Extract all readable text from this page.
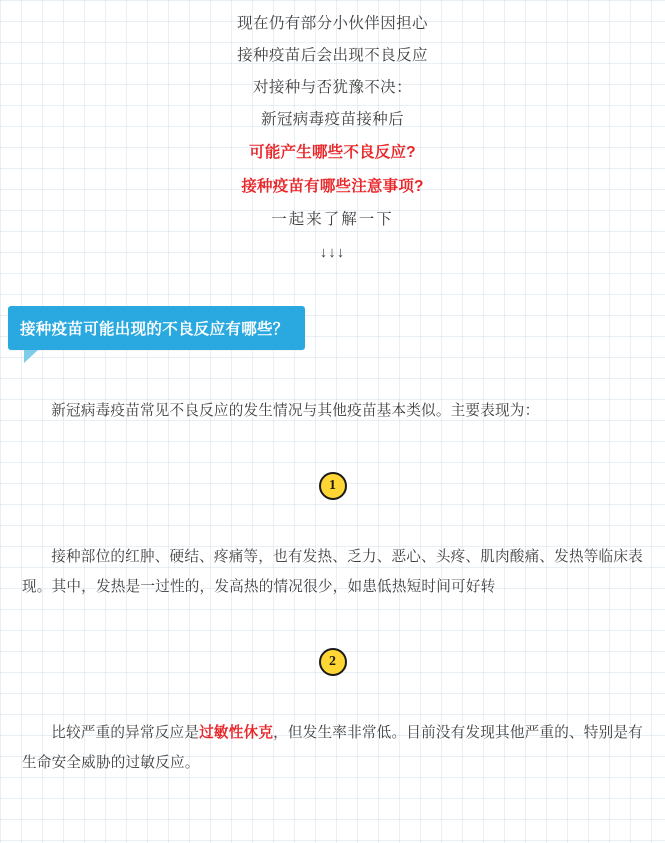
现在仍有部分小伙伴因担心
接种疫苗后会出现不良反应
对接种与否犹豫不决：
新冠病毒疫苗接种后
可能产生哪些不良反应?
接种疫苗有哪些注意事项?
一起来了解一下
↓↓↓
接种疫苗可能出现的不良反应有哪些？
新冠病毒疫苗常见不良反应的发生情况与其他疫苗基本类似。主要表现为：
1
接种部位的红肿、硬结、疼痛等，也有发热、乏力、恶心、头疼、肌肉酸痛、发热等临床表现。其中，发热是一过性的，发高热的情况很少，如患低热短时间可好转
2
比较严重的异常反应是过敏性休克，但发生率非常低。目前没有发现其他严重的、特别是有生命安全威胁的过敏反应。
